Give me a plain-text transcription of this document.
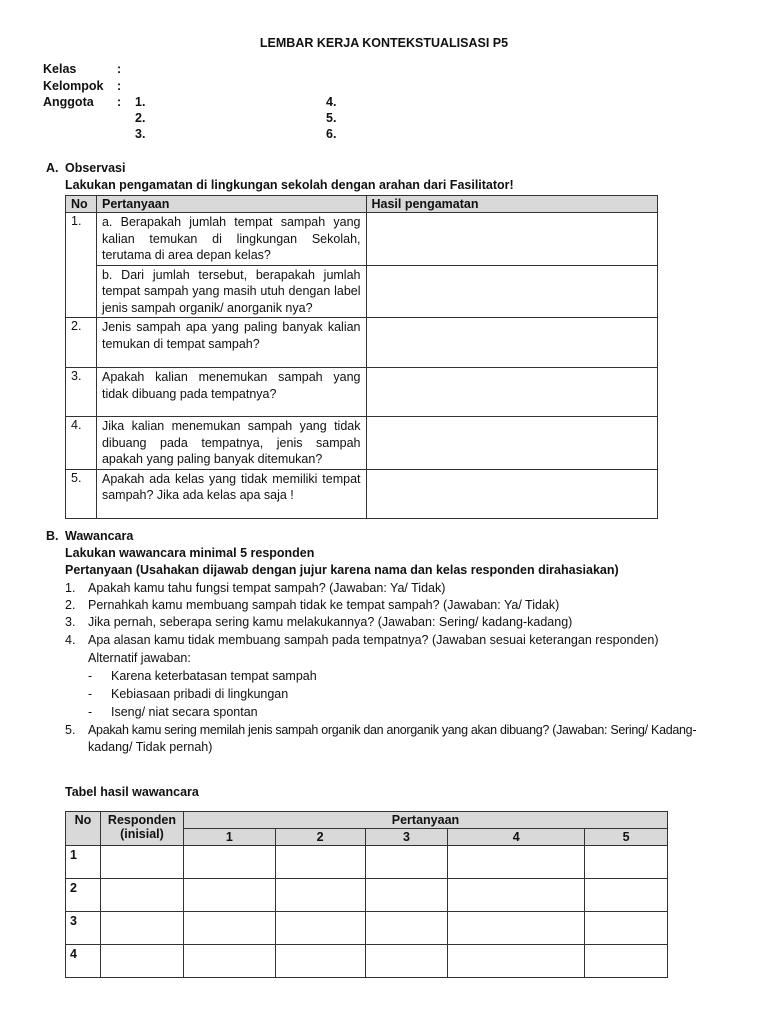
LEMBAR KERJA KONTEKSTUALISASI P5
Kelas	:
Kelompok :
Anggota : 1.
2.
3.
4.
5.
6.
A. Observasi
Lakukan pengamatan di lingkungan sekolah dengan arahan dari Fasilitator!
No	Pertanyaan	Hasil pengamatan
1.	a. Berapakah jumlah tempat sampah yang kalian temukan di lingkungan Sekolah, terutama di area depan kelas?	
	b. Dari jumlah tersebut, berapakah jumlah tempat sampah yang masih utuh dengan label jenis sampah organik/ anorganik nya?	
2.	Jenis sampah apa yang paling banyak kalian temukan di tempat sampah?	
3.	Apakah kalian menemukan sampah yang tidak dibuang pada tempatnya?	
4.	Jika kalian menemukan sampah yang tidak dibuang pada tempatnya, jenis sampah apakah yang paling banyak ditemukan?	
5.	Apakah ada kelas yang tidak memiliki tempat sampah? Jika ada kelas apa saja !	
B. Wawancara
Lakukan wawancara minimal 5 responden
Pertanyaan (Usahakan dijawab dengan jujur karena nama dan kelas responden dirahasiakan)
1. Apakah kamu tahu fungsi tempat sampah? (Jawaban: Ya/ Tidak)
2. Pernahkah kamu membuang sampah tidak ke tempat sampah? (Jawaban: Ya/ Tidak)
3. Jika pernah, seberapa sering kamu melakukannya? (Jawaban: Sering/ kadang-kadang)
4. Apa alasan kamu tidak membuang sampah pada tempatnya? (Jawaban sesuai keterangan responden)
Alternatif jawaban:
- Karena keterbatasan tempat sampah
- Kebiasaan pribadi di lingkungan
- Iseng/ niat secara spontan
5. Apakah kamu sering memilah jenis sampah organik dan anorganik yang akan dibuang? (Jawaban: Sering/ Kadang-
kadang/ Tidak pernah)
Tabel hasil wawancara
No	Responden
(inisial)	Pertanyaan				
		1	2	3	4	5
1						
2						
3						
4						
